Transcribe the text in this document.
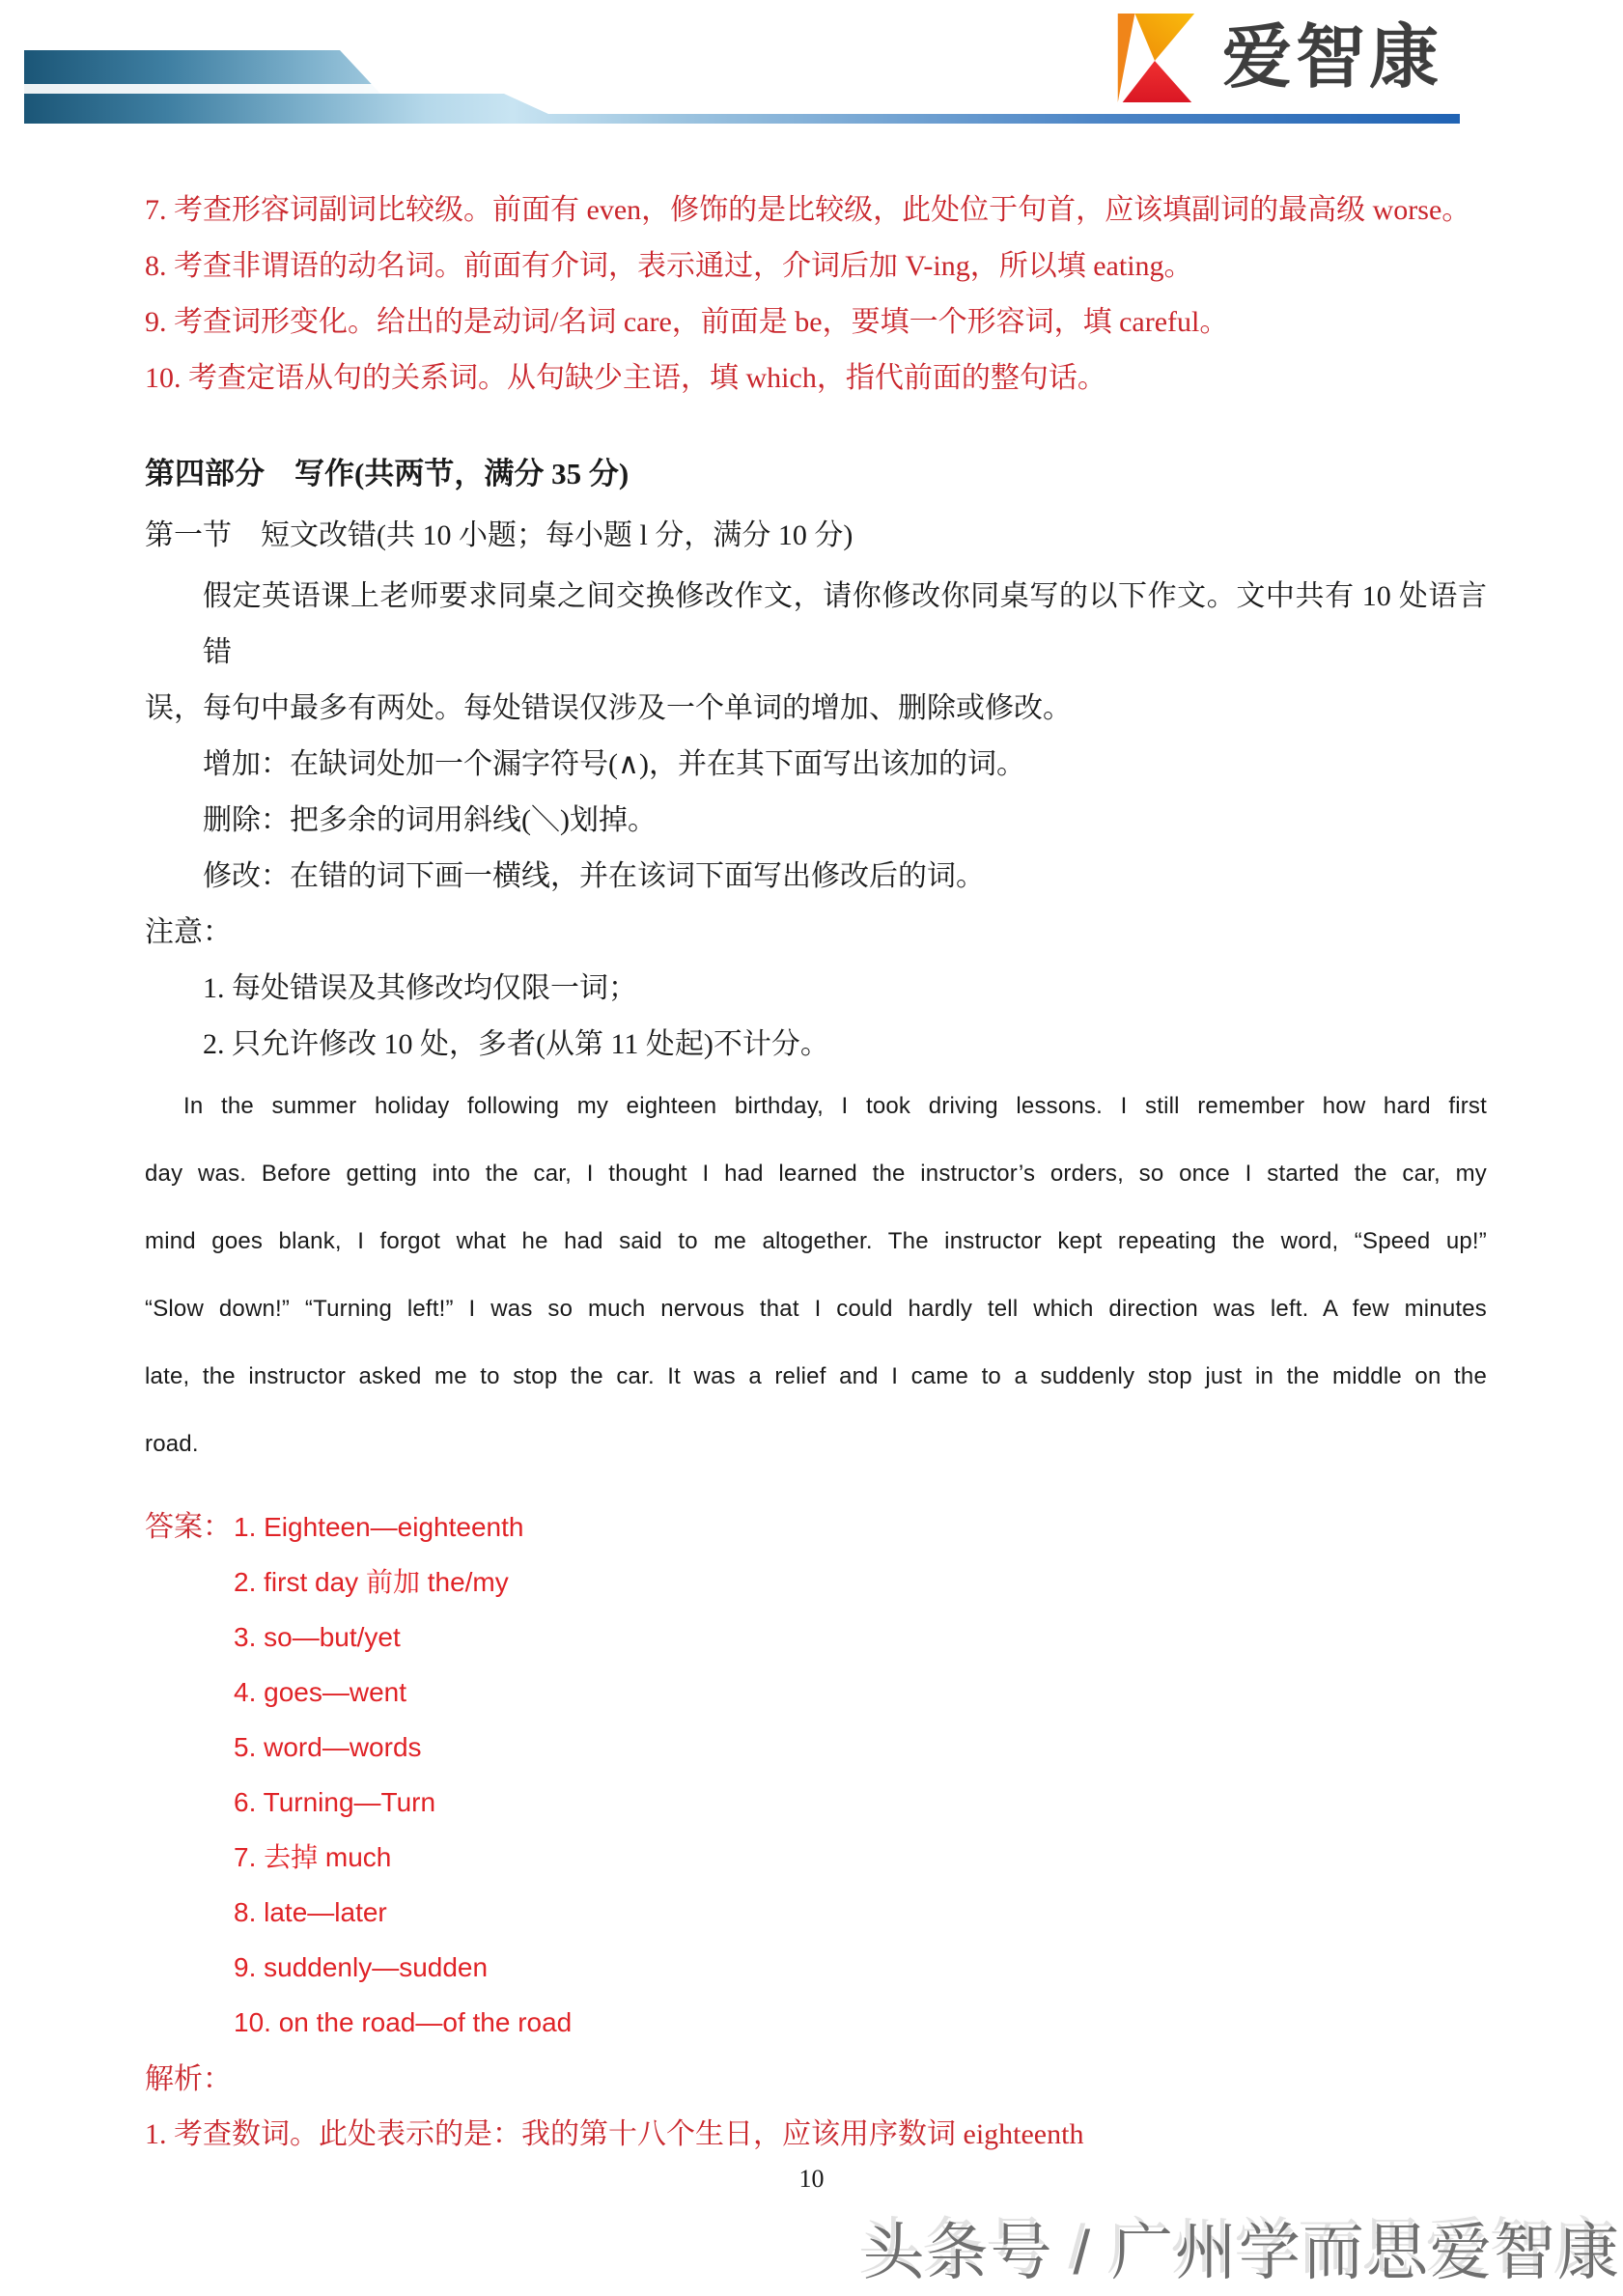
爱智康
7. 考查形容词副词比较级。前面有 even，修饰的是比较级，此处位于句首，应该填副词的最高级 worse。
8. 考查非谓语的动名词。前面有介词，表示通过，介词后加 V-ing，所以填 eating。
9. 考查词形变化。给出的是动词/名词 care，前面是 be，要填一个形容词，填 careful。
10. 考查定语从句的关系词。从句缺少主语，填 which，指代前面的整句话。
第四部分　写作(共两节，满分 35 分)
第一节　短文改错(共 10 小题；每小题 l 分，满分 10 分)
假定英语课上老师要求同桌之间交换修改作文，请你修改你同桌写的以下作文。文中共有 10 处语言错
误，每句中最多有两处。每处错误仅涉及一个单词的增加、删除或修改。
增加：在缺词处加一个漏字符号(∧)，并在其下面写出该加的词。
删除：把多余的词用斜线(＼)划掉。
修改：在错的词下画一横线，并在该词下面写出修改后的词。
注意：
1. 每处错误及其修改均仅限一词；
2. 只允许修改 10 处，多者(从第 11 处起)不计分。
In the summer holiday following my eighteen birthday, I took driving lessons. I still remember how hard first
day was. Before getting into the car, I thought I had learned the instructor’s orders, so once I started the car, my
mind goes blank, I forgot what he had said to me altogether. The instructor kept repeating the word, “Speed up!”
“Slow down!” “Turning left!” I was so much nervous that I could hardly tell which direction was left. A few minutes
late, the instructor asked me to stop the car. It was a relief and I came to a suddenly stop just in the middle on the
road.
答案： 1. Eighteen—eighteenth
2. first day 前加 the/my
3. so—but/yet
4. goes—went
5. word—words
6. Turning—Turn
7. 去掉 much
8. late—later
9. suddenly—sudden
10. on the road—of the road
解析：
1. 考查数词。此处表示的是：我的第十八个生日，应该用序数词 eighteenth
10
头条号 / 广州学而思爱智康
